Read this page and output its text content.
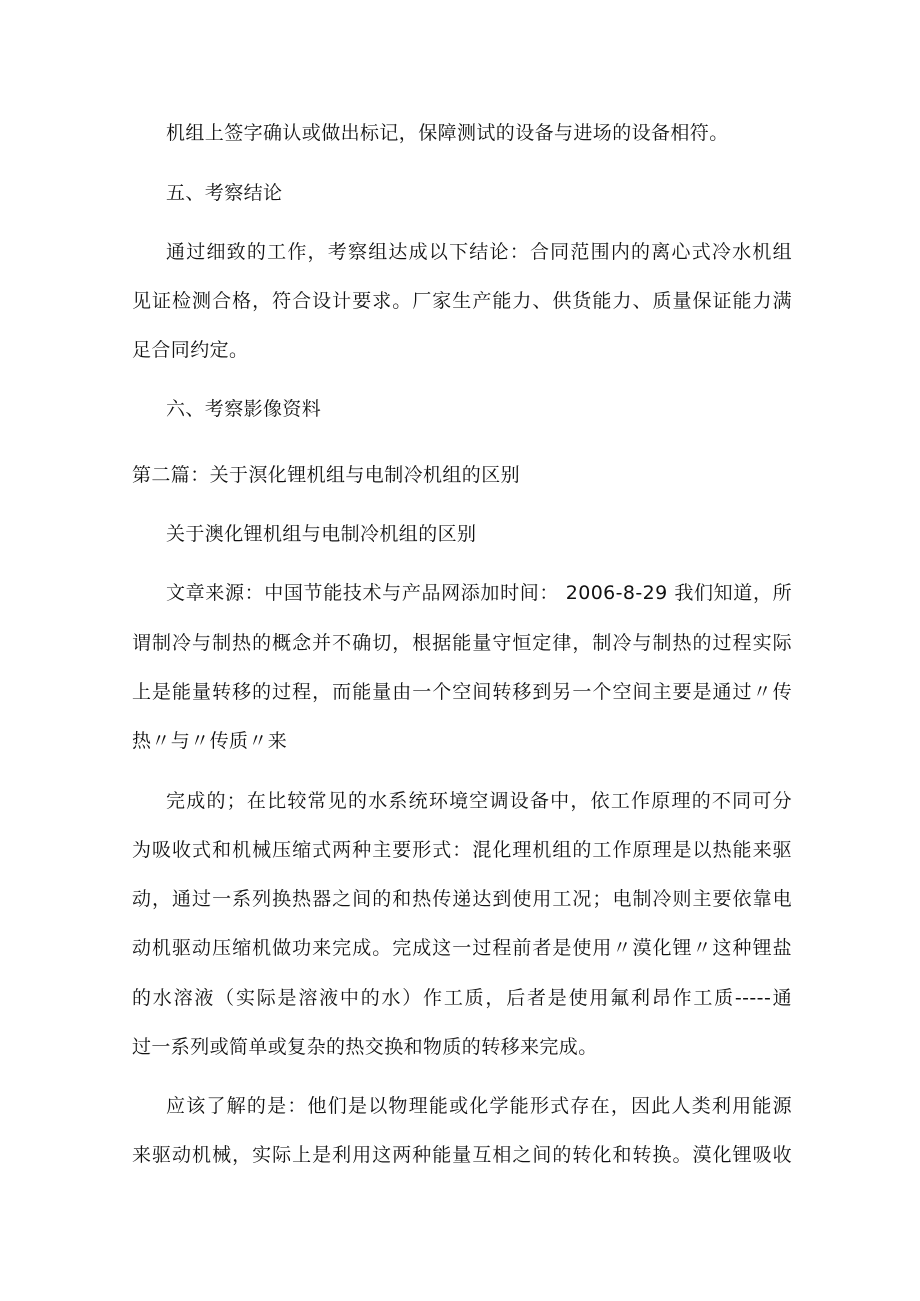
机组上签字确认或做出标记，保障测试的设备与进场的设备相符。
五、考察结论
通过细致的工作，考察组达成以下结论：合同范围内的离心式冷水机组
见证检测合格，符合设计要求。厂家生产能力、供货能力、质量保证能力满
足合同约定。
六、考察影像资料
第二篇：关于溟化锂机组与电制冷机组的区别
关于澳化锂机组与电制冷机组的区别
文章来源：中国节能技术与产品网添加时间： 2006-8-29 我们知道，所
谓制冷与制热的概念并不确切，根据能量守恒定律，制冷与制热的过程实际
上是能量转移的过程，而能量由一个空间转移到另一个空间主要是通过〃传
热〃与〃传质〃来
完成的；在比较常见的水系统环境空调设备中，依工作原理的不同可分
为吸收式和机械压缩式两种主要形式：混化理机组的工作原理是以热能来驱
动，通过一系列换热器之间的和热传递达到使用工况；电制冷则主要依靠电
动机驱动压缩机做功来完成。完成这一过程前者是使用〃漠化锂〃这种锂盐
的水溶液（实际是溶液中的水）作工质，后者是使用氟利昂作工质-----通
过一系列或简单或复杂的热交换和物质的转移来完成。
应该了解的是：他们是以物理能或化学能形式存在，因此人类利用能源
来驱动机械，实际上是利用这两种能量互相之间的转化和转换。漠化锂吸收
